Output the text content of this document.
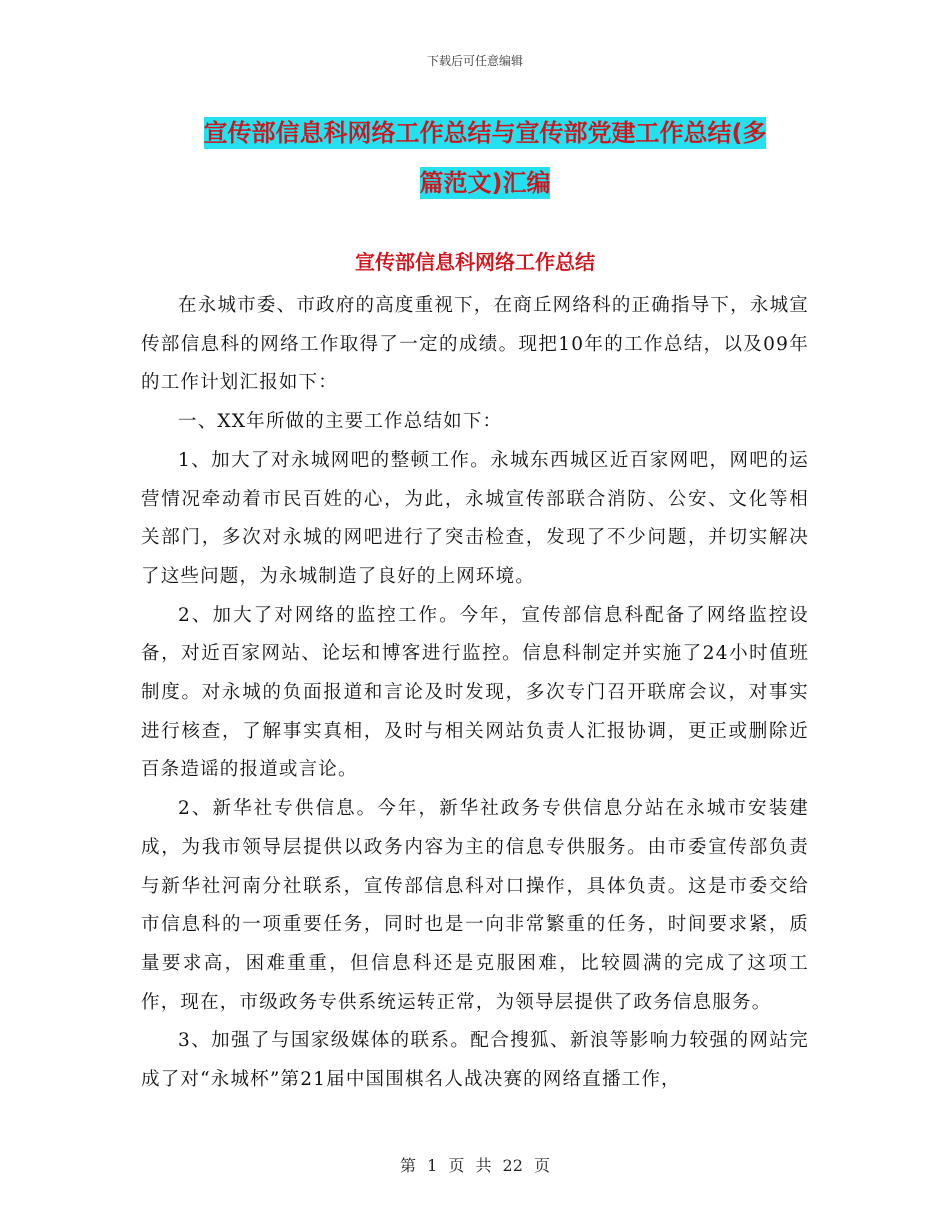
下载后可任意编辑
宣传部信息科网络工作总结与宣传部党建工作总结(多
篇范文)汇编
宣传部信息科网络工作总结

在永城市委、市政府的高度重视下，在商丘网络科的正确指导下，永城宣传部信息科的网络工作取得了一定的成绩。现把10年的工作总结，以及09年的工作计划汇报如下：

一、XX年所做的主要工作总结如下：

1、加大了对永城网吧的整顿工作。永城东西城区近百家网吧，网吧的运营情况牵动着市民百姓的心，为此，永城宣传部联合消防、公安、文化等相关部门，多次对永城的网吧进行了突击检查，发现了不少问题，并切实解决了这些问题，为永城制造了良好的上网环境。

2、加大了对网络的监控工作。今年，宣传部信息科配备了网络监控设备，对近百家网站、论坛和博客进行监控。信息科制定并实施了24小时值班制度。对永城的负面报道和言论及时发现，多次专门召开联席会议，对事实进行核查，了解事实真相，及时与相关网站负责人汇报协调，更正或删除近百条造谣的报道或言论。

2、新华社专供信息。今年，新华社政务专供信息分站在永城市安装建成，为我市领导层提供以政务内容为主的信息专供服务。由市委宣传部负责与新华社河南分社联系，宣传部信息科对口操作，具体负责。这是市委交给市信息科的一项重要任务，同时也是一向非常繁重的任务，时间要求紧，质量要求高，困难重重，但信息科还是克服困难，比较圆满的完成了这项工作，现在，市级政务专供系统运转正常，为领导层提供了政务信息服务。

3、加强了与国家级媒体的联系。配合搜狐、新浪等影响力较强的网站完成了对“永城杯”第21届中国围棋名人战决赛的网络直播工作，

第 1 页 共 22 页
